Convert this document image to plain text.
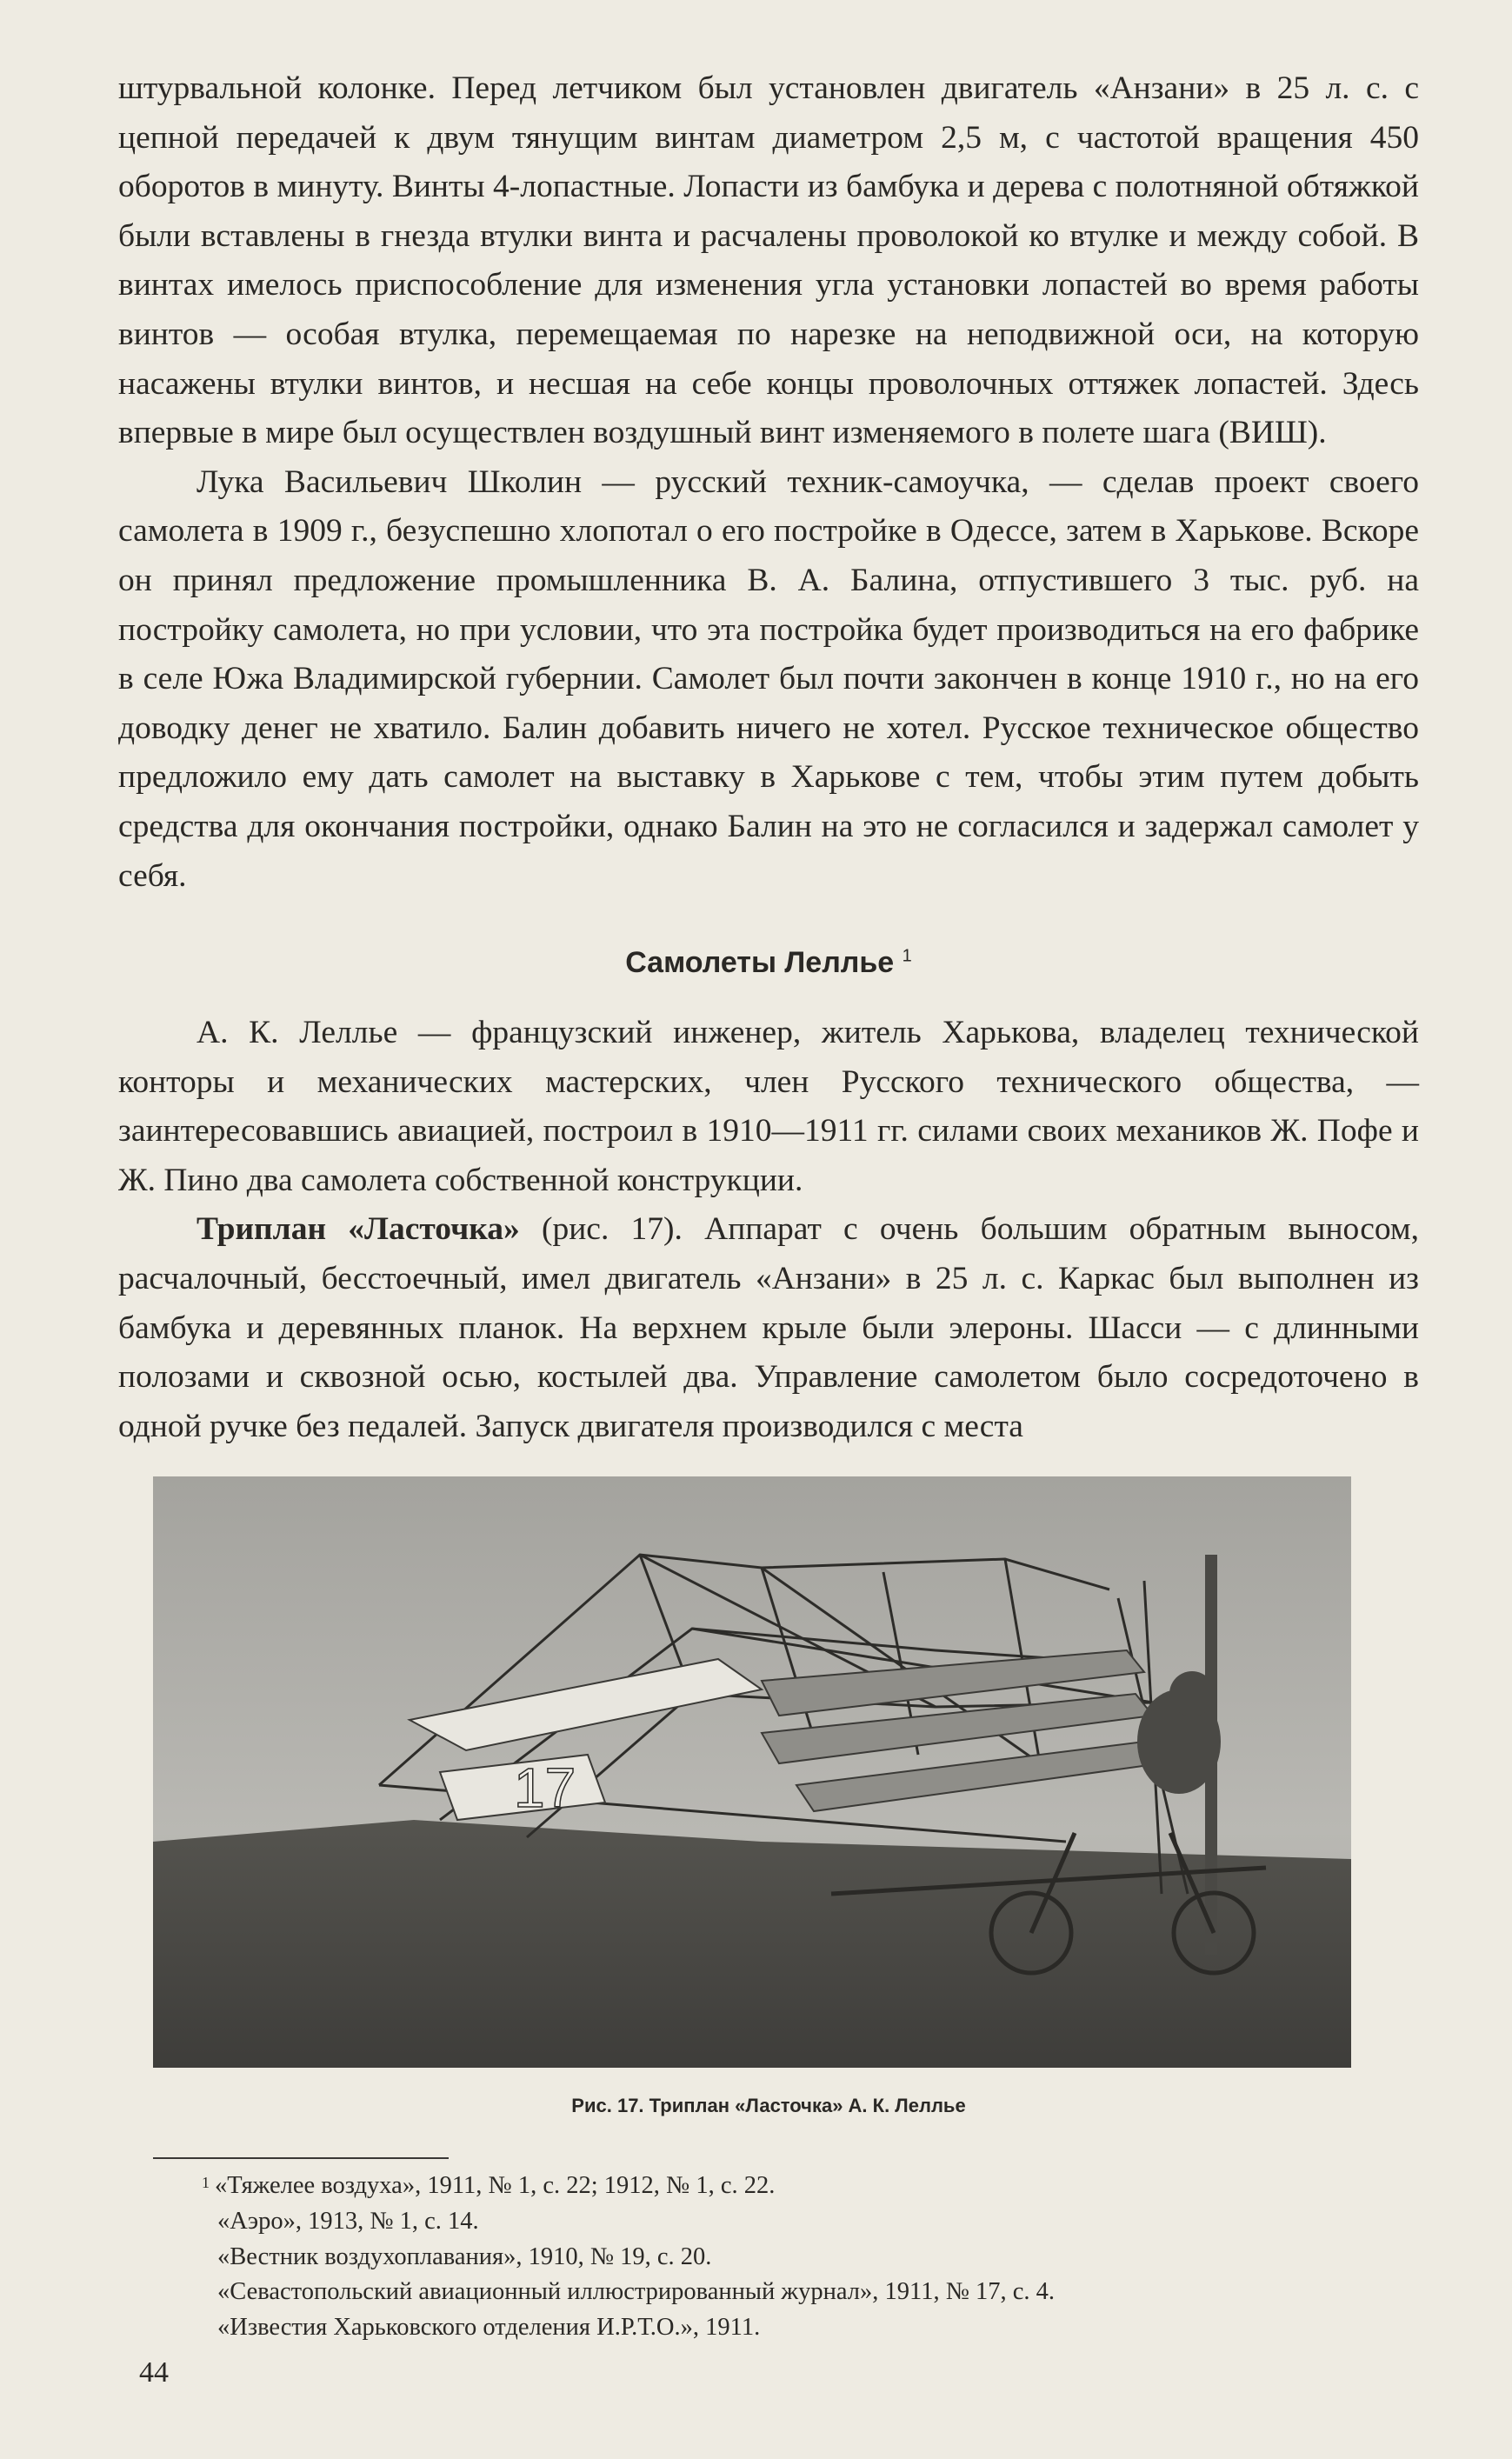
штурвальной колонке. Перед летчиком был установлен двигатель «Анзани» в 25 л. с. с цепной передачей к двум тянущим винтам диаметром 2,5 м, с частотой вращения 450 оборотов в минуту. Винты 4-лопастные. Лопасти из бамбука и дерева с полотняной обтяжкой были вставлены в гнезда втулки винта и расчалены проволокой ко втулке и между собой. В винтах имелось приспособление для изменения угла установки лопастей во время работы винтов — особая втулка, перемещаемая по нарезке на неподвижной оси, на которую насажены втулки винтов, и несшая на себе концы проволочных оттяжек лопастей. Здесь впервые в мире был осуществлен воздушный винт изменяемого в полете шага (ВИШ).

Лука Васильевич Школин — русский техник-самоучка, — сделав проект своего самолета в 1909 г., безуспешно хлопотал о его постройке в Одессе, затем в Харькове. Вскоре он принял предложение промышленника В. А. Балина, отпустившего 3 тыс. руб. на постройку самолета, но при условии, что эта постройка будет производиться на его фабрике в селе Южа Владимирской губернии. Самолет был почти закончен в конце 1910 г., но на его доводку денег не хватило. Балин добавить ничего не хотел. Русское техническое общество предложило ему дать самолет на выставку в Харькове с тем, чтобы этим путем добыть средства для окончания постройки, однако Балин на это не согласился и задержал самолет у себя.

Самолеты Леллье $^1$

А. К. Леллье — французский инженер, житель Харькова, владелец технической конторы и механических мастерских, член Русского технического общества, — заинтересовавшись авиацией, построил в 1910—1911 гг. силами своих механиков Ж. Пофе и Ж. Пино два самолета собственной конструкции.

Триплан «Ласточка» (рис. 17). Аппарат с очень большим обратным выносом, расчалочный, бесстоечный, имел двигатель «Анзани» в 25 л. с. Каркас был выполнен из бамбука и деревянных планок. На верхнем крыле были элероны. Шасси — с длинными полозами и сквозной осью, костылей два. Управление самолетом было сосредоточено в одной ручке без педалей. Запуск двигателя производился с места

17

Рис. 17. Триплан «Ласточка» А. К. Леллье

$^1$ «Тяжелее воздуха», 1911, № 1, с. 22; 1912, № 1, с. 22.
«Аэро», 1913, № 1, с. 14.
«Вестник воздухоплавания», 1910, № 19, с. 20.
«Севастопольский авиационный иллюстрированный журнал», 1911, № 17, с. 4.
«Известия Харьковского отделения И.Р.Т.О.», 1911.

44
